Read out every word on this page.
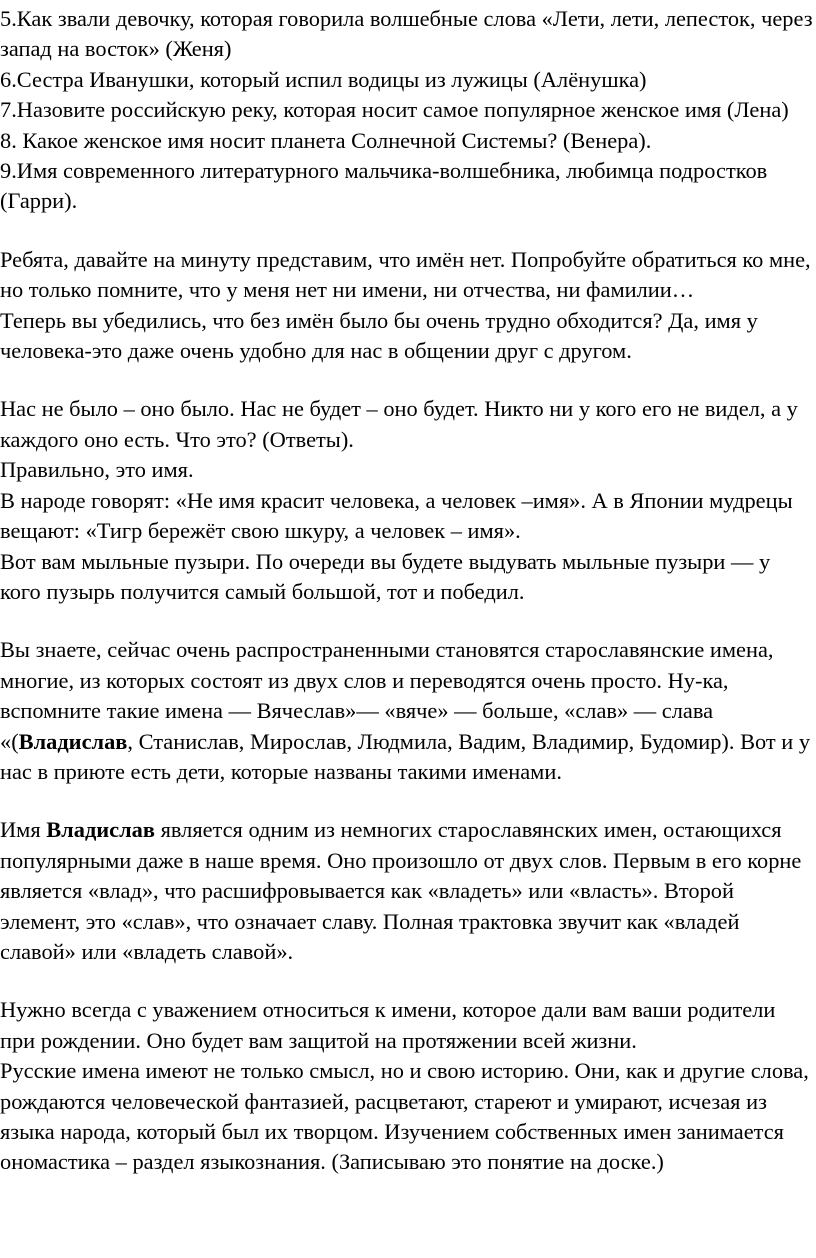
5.Как звали девочку, которая говорила волшебные слова «Лети, лети, лепесток, через запад на восток» (Женя)

6.Сестра Иванушки, который испил водицы из лужицы (Алёнушка)

7.Назовите российскую реку, которая носит самое популярное женское имя (Лена)

8. Какое женское имя носит планета Солнечной Системы? (Венера).

9.Имя современного литературного мальчика-волшебника, любимца подростков (Гарри).

Ребята, давайте на минуту представим, что имён нет. Попробуйте обратиться ко мне, но только помните, что у меня нет ни имени, ни отчества, ни фамилии…

Теперь вы убедились, что без имён было бы очень трудно обходится? Да, имя у человека-это даже очень удобно для нас в общении друг с другом.

Нас не было – оно было. Нас не будет – оно будет. Никто ни у кого его не видел, а у каждого оно есть. Что это? (Ответы).

Правильно, это имя.

В народе говорят: «Не имя красит человека, а человек –имя». А в Японии мудрецы вещают: «Тигр бережёт свою шкуру, а человек – имя».

Вот вам мыльные пузыри. По очереди вы будете выдувать мыльные пузыри — у кого пузырь получится самый большой, тот и победил.

Вы знаете, сейчас очень распространенными становятся старославянские имена, многие, из которых состоят из двух слов и переводятся очень просто. Ну-ка, вспомните такие имена — Вячеслав»— «вяче» — больше, «слав» — слава «(Владислав, Станислав, Мирослав, Людмила, Вадим, Владимир, Будомир). Вот и у нас в приюте есть дети, которые названы такими именами.

Имя Владислав является одним из немногих старославянских имен, остающихся популярными даже в наше время. Оно произошло от двух слов. Первым в его корне является «влад», что расшифровывается как «владеть» или «власть». Второй элемент, это «слав», что означает славу. Полная трактовка звучит как «владей славой» или «владеть славой».

Нужно всегда с уважением относиться к имени, которое дали вам ваши родители при рождении. Оно будет вам защитой на протяжении всей жизни.

Русские имена имеют не только смысл, но и свою историю. Они, как и другие слова, рождаются человеческой фантазией, расцветают, стареют и умирают, исчезая из языка народа, который был их творцом. Изучением собственных имен занимается ономастика – раздел языкознания. (Записываю это понятие на доске.)
